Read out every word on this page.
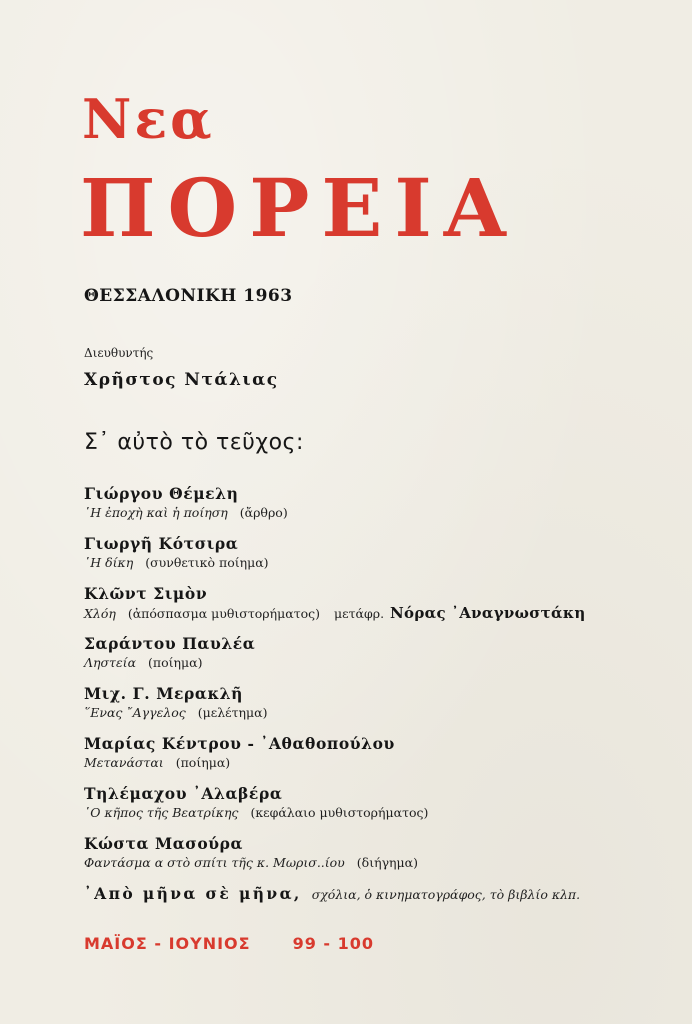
Νεα
ΠΟΡΕΙΑ
ΘΕΣΣΑΛΟΝΙΚΗ 1963
Διευθυντής
Χρῆστος Ντάλιας
Σ᾽ αὐτὸ τὸ τεῦχος:
Γιώργου Θέμελη
῾Η ἐποχὴ καὶ ἡ ποίηση (ἄρθρο)
Γιωργῆ Κότσιρα
῾Η δίκη (συνθετικὸ ποίημα)
Κλῶντ Σιμὸν
Χλόη (ἀπόσπασμα μυθιστορήματος) μετάφρ. Νόρας ᾽Αναγνωστάκη
Σαράντου Παυλέα
Ληστεία (ποίημα)
Μιχ. Γ. Μερακλῆ
῞Ενας ῎Αγγελος (μελέτημα)
Μαρίας Κέντρου - ᾽Αθαθοπούλου
Μετανάσται (ποίημα)
Τηλέμαχου ᾽Αλαβέρα
῾Ο κῆπος τῆς Βεατρίκης (κεφάλαιο μυθιστορήματος)
Κώστα Μασούρα
Φαντάσμα α στὸ σπίτι τῆς κ. Μωρισ..ίου (διήγημα)
᾽Απὸ μῆνα σὲ μῆνα, σχόλια, ὁ κινηματογράφος, τὸ βιβλίο κλπ.
ΜΑΪΟΣ - ΙΟΥΝΙΟΣ	99 - 100
